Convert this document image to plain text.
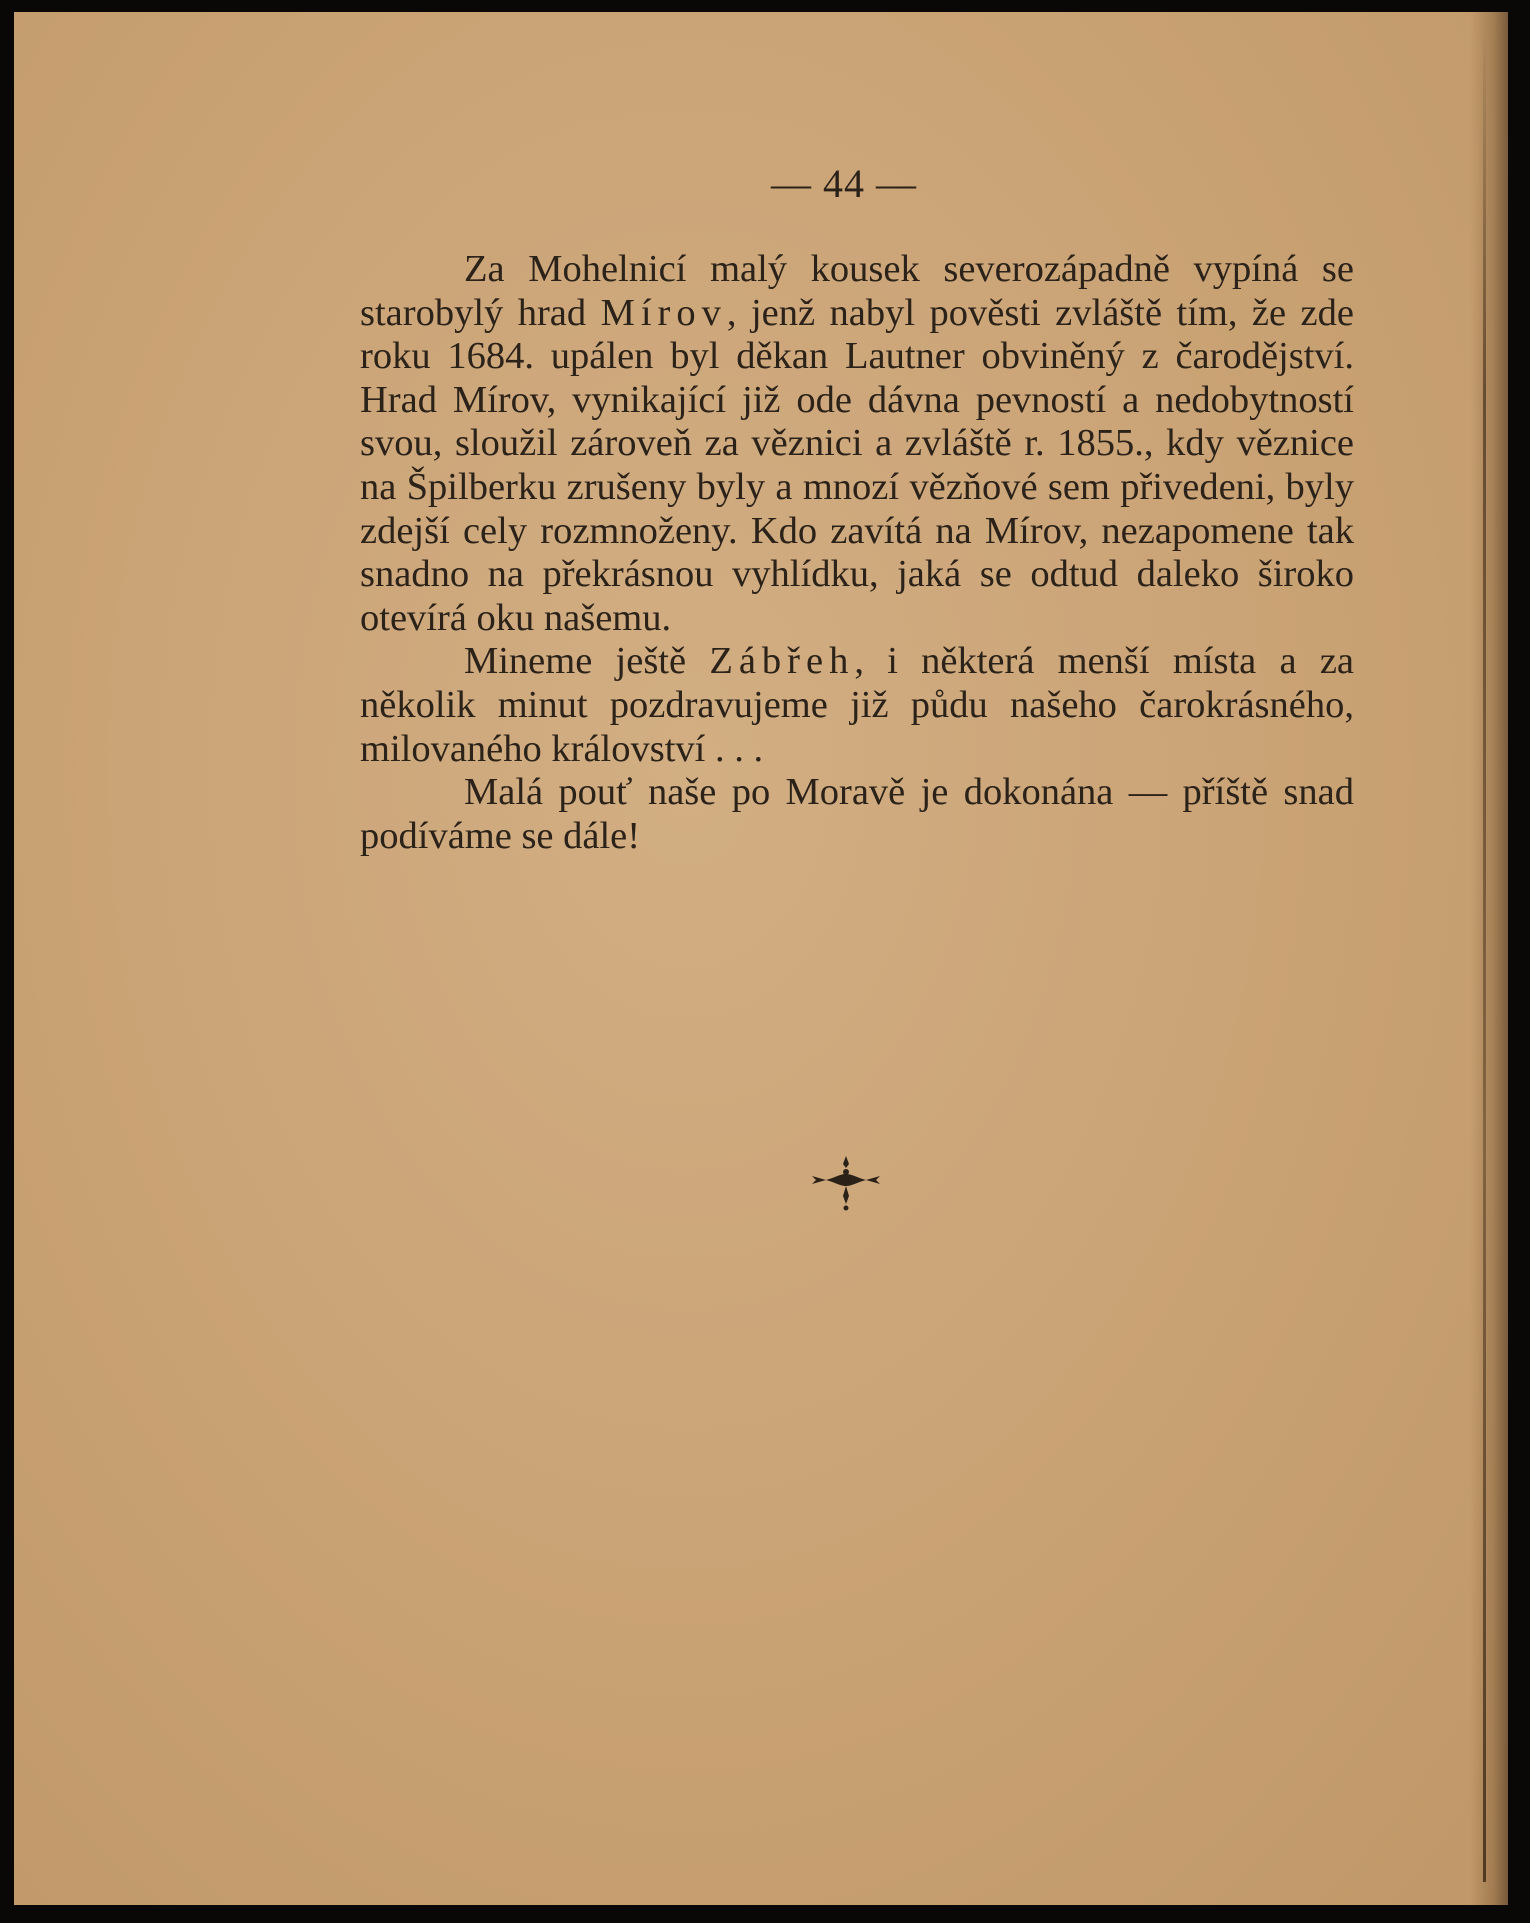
— 44 —

Za Mohelnicí malý kousek severozápadně vypíná se starobylý hrad Mírov, jenž nabyl pověsti zvláště tím, že zde roku 1684. upálen byl děkan Lautner obviněný z čarodějství. Hrad Mírov, vynikající již ode dávna pevností a nedobytností svou, sloužil zároveň za věznici a zvláště r. 1855., kdy věznice na Špilberku zrušeny byly a mnozí vězňové sem přivedeni, byly zdejší cely rozmnoženy. Kdo zavítá na Mírov, nezapomene tak snadno na překrásnou vyhlídku, jaká se odtud daleko široko otevírá oku našemu.

Mineme ještě Zábřeh, i některá menší místa a za několik minut pozdravujeme již půdu našeho čarokrásného, milovaného království . . .

Malá pouť naše po Moravě je dokonána — příště snad podíváme se dále!
